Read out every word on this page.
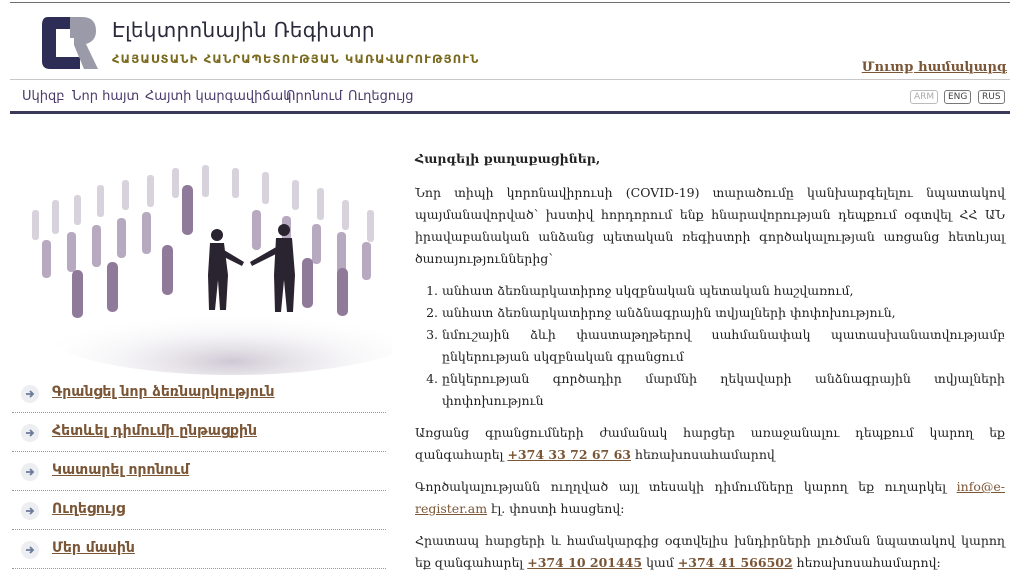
Էլեկտրոնային Ռեգիստր
ՀԱՅԱՍՏԱՆԻ ՀԱՆՐԱՊԵՏՈՒԹՅԱՆ ԿԱՌԱՎԱՐՈՒԹՅՈՒՆ
Մուտք համակարգ
Սկիզբ Նոր հայտ Հայտի կարգավիճակ
Որոնում Ուղեցույց	ARM	ENG	RUS
Գրանցել նոր ձեռնարկություն
Հետևել դիմումի ընթացքին
Կատարել որոնում
Ուղեցույց
Մեր մասին

Հարգելի քաղաքացիներ,

Նոր տիպի կորոնավիրուսի (COVID-19) տարածումը կանխարգելելու նպատակով պայմանավորված՝ խստիվ հորդորում ենք հնարավորության դեպքում օգտվել ՀՀ ԱՆ իրավաբանական անձանց պետական ռեգիստրի գործակալության առցանց հետևյալ ծառայություններից՝

1. անհատ ձեռնարկատիրոջ սկզբնական պետական հաշվառում,
2. անհատ ձեռնարկատիրոջ անձնագրային տվյալների փոփոխություն,
3. նմուշային ձևի փաստաթղթերով սահմանափակ պատասխանատվությամբ ընկերության սկզբնական գրանցում
4. ընկերության գործադիր մարմնի ղեկավարի անձնագրային տվյալների փոփոխություն

Առցանց գրանցումների ժամանակ հարցեր առաջանալու դեպքում կարող եք զանգահարել +374 33 72 67 63 հեռախոսահամարով

Գործակալությանն ուղղված այլ տեսակի դիմումները կարող եք ուղարկել info@e-register.am էլ. փոստի հասցեով:

Հրատապ հարցերի և համակարգից օգտվելիս խնդիրների լուծման նպատակով կարող եք զանգահարել +374 10 201445 կամ +374 41 566502 հեռախոսահամարով:
